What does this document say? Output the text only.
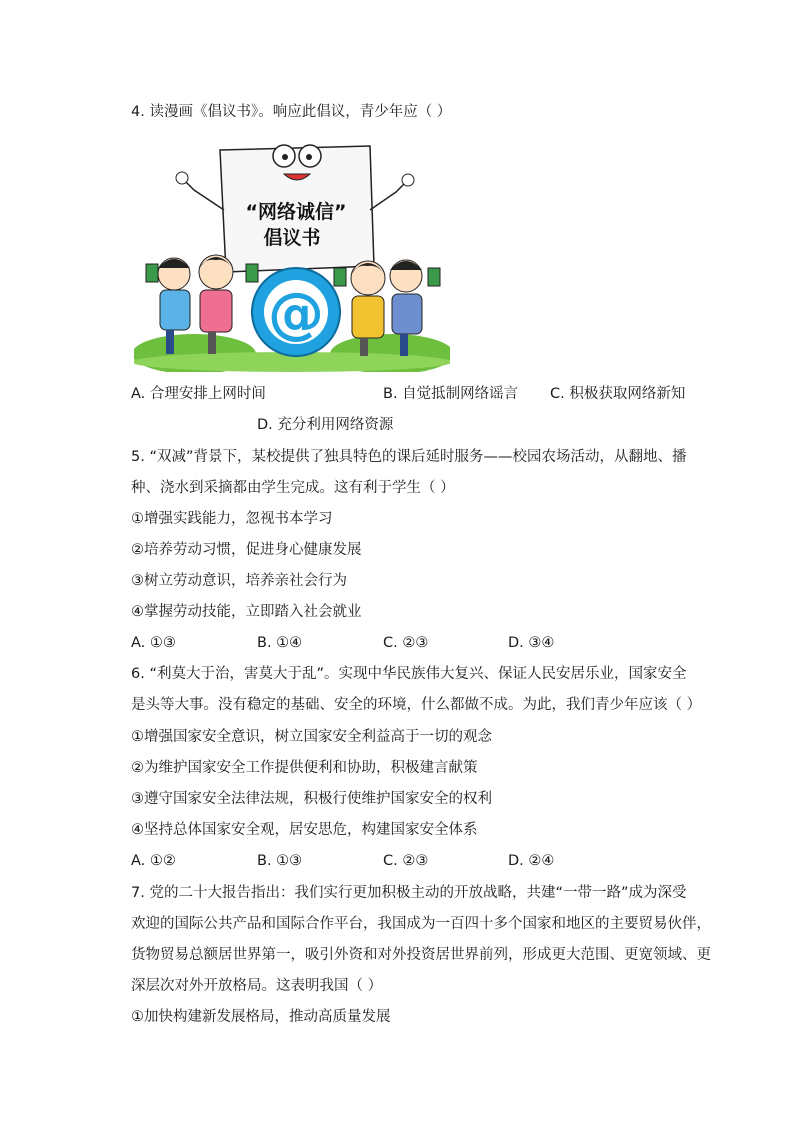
4. 读漫画《倡议书》。响应此倡议，青少年应（ ）
“网络诚信”
倡议书
@
A. 合理安排上网时间	B. 自觉抵制网络谣言 C. 积极获取网络新知
D. 充分利用网络资源
5. “双减”背景下，某校提供了独具特色的课后延时服务——校园农场活动，从翻地、播
种、浇水到采摘都由学生完成。这有利于学生（ ）
①增强实践能力，忽视书本学习
②培养劳动习惯，促进身心健康发展
③树立劳动意识，培养亲社会行为
④掌握劳动技能，立即踏入社会就业
A. ①③	B. ①④	C. ②③	D. ③④
6. “利莫大于治，害莫大于乱”。实现中华民族伟大复兴、保证人民安居乐业，国家安全
是头等大事。没有稳定的基础、安全的环境，什么都做不成。为此，我们青少年应该（ ）
①增强国家安全意识，树立国家安全利益高于一切的观念
②为维护国家安全工作提供便利和协助，积极建言献策
③遵守国家安全法律法规，积极行使维护国家安全的权利
④坚持总体国家安全观，居安思危，构建国家安全体系
A. ①②	B. ①③	C. ②③	D. ②④
7. 党的二十大报告指出：我们实行更加积极主动的开放战略，共建“一带一路”成为深受
欢迎的国际公共产品和国际合作平台，我国成为一百四十多个国家和地区的主要贸易伙伴，
货物贸易总额居世界第一，吸引外资和对外投资居世界前列，形成更大范围、更宽领域、更
深层次对外开放格局。这表明我国（ ）
①加快构建新发展格局，推动高质量发展
